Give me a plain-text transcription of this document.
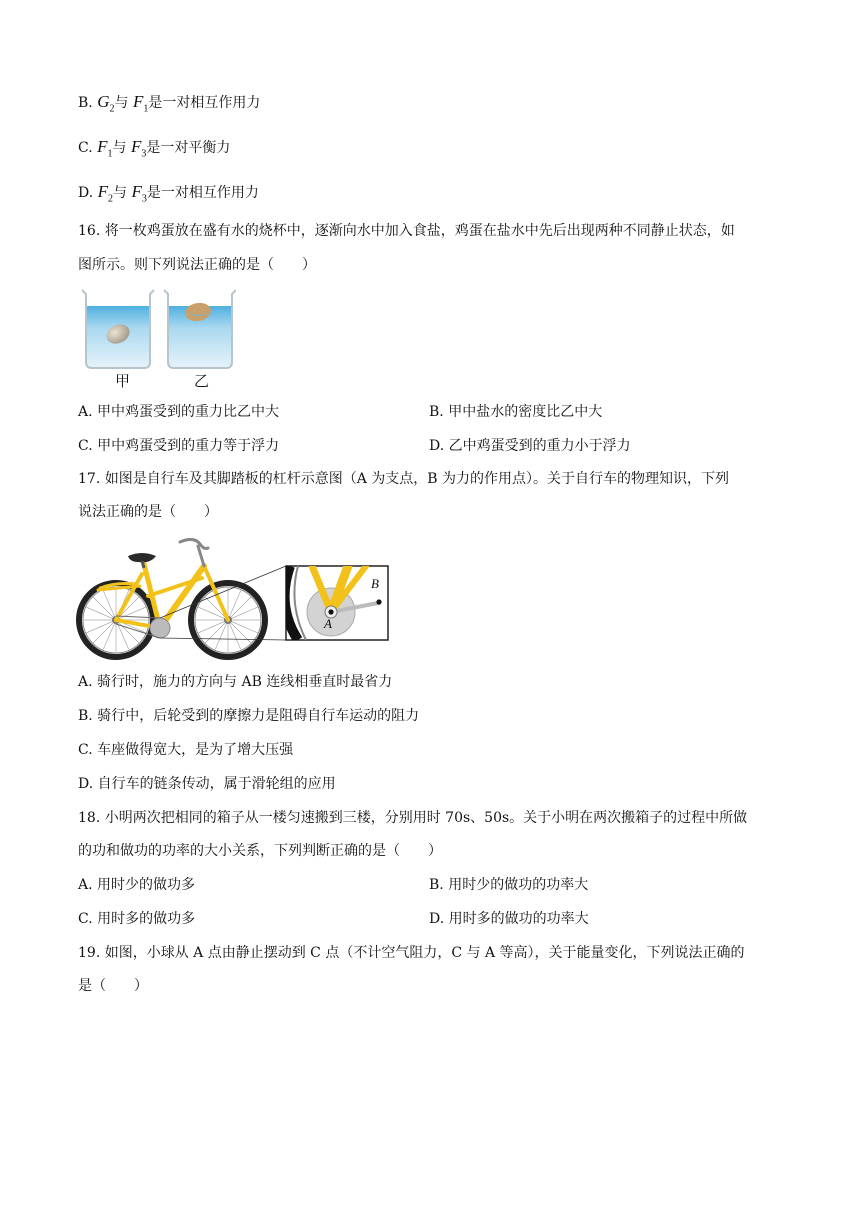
B. $G_2$与 $F_1$是一对相互作用力
C. $F_1$与 $F_3$是一对平衡力
D. $F_2$与 $F_3$是一对相互作用力
16. 将一枚鸡蛋放在盛有水的烧杯中，逐渐向水中加入食盐，鸡蛋在盐水中先后出现两种不同静止状态，如
图所示。则下列说法正确的是（　　）
甲	乙
A. 甲中鸡蛋受到的重力比乙中大	B. 甲中盐水的密度比乙中大
C. 甲中鸡蛋受到的重力等于浮力	D. 乙中鸡蛋受到的重力小于浮力
17. 如图是自行车及其脚踏板的杠杆示意图（A 为支点，B 为力的作用点）。关于自行车的物理知识，下列
说法正确的是（　　）
A
B
A. 骑行时，施力的方向与 AB 连线相垂直时最省力
B. 骑行中，后轮受到的摩擦力是阻碍自行车运动的阻力
C. 车座做得宽大，是为了增大压强
D. 自行车的链条传动，属于滑轮组的应用
18. 小明两次把相同的箱子从一楼匀速搬到三楼，分别用时 70s、50s。关于小明在两次搬箱子的过程中所做
的功和做功的功率的大小关系，下列判断正确的是（　　）
A. 用时少的做功多	B. 用时少的做功的功率大
C. 用时多的做功多	D. 用时多的做功的功率大
19. 如图，小球从 A 点由静止摆动到 C 点（不计空气阻力，C 与 A 等高），关于能量变化，下列说法正确的
是（　　）
